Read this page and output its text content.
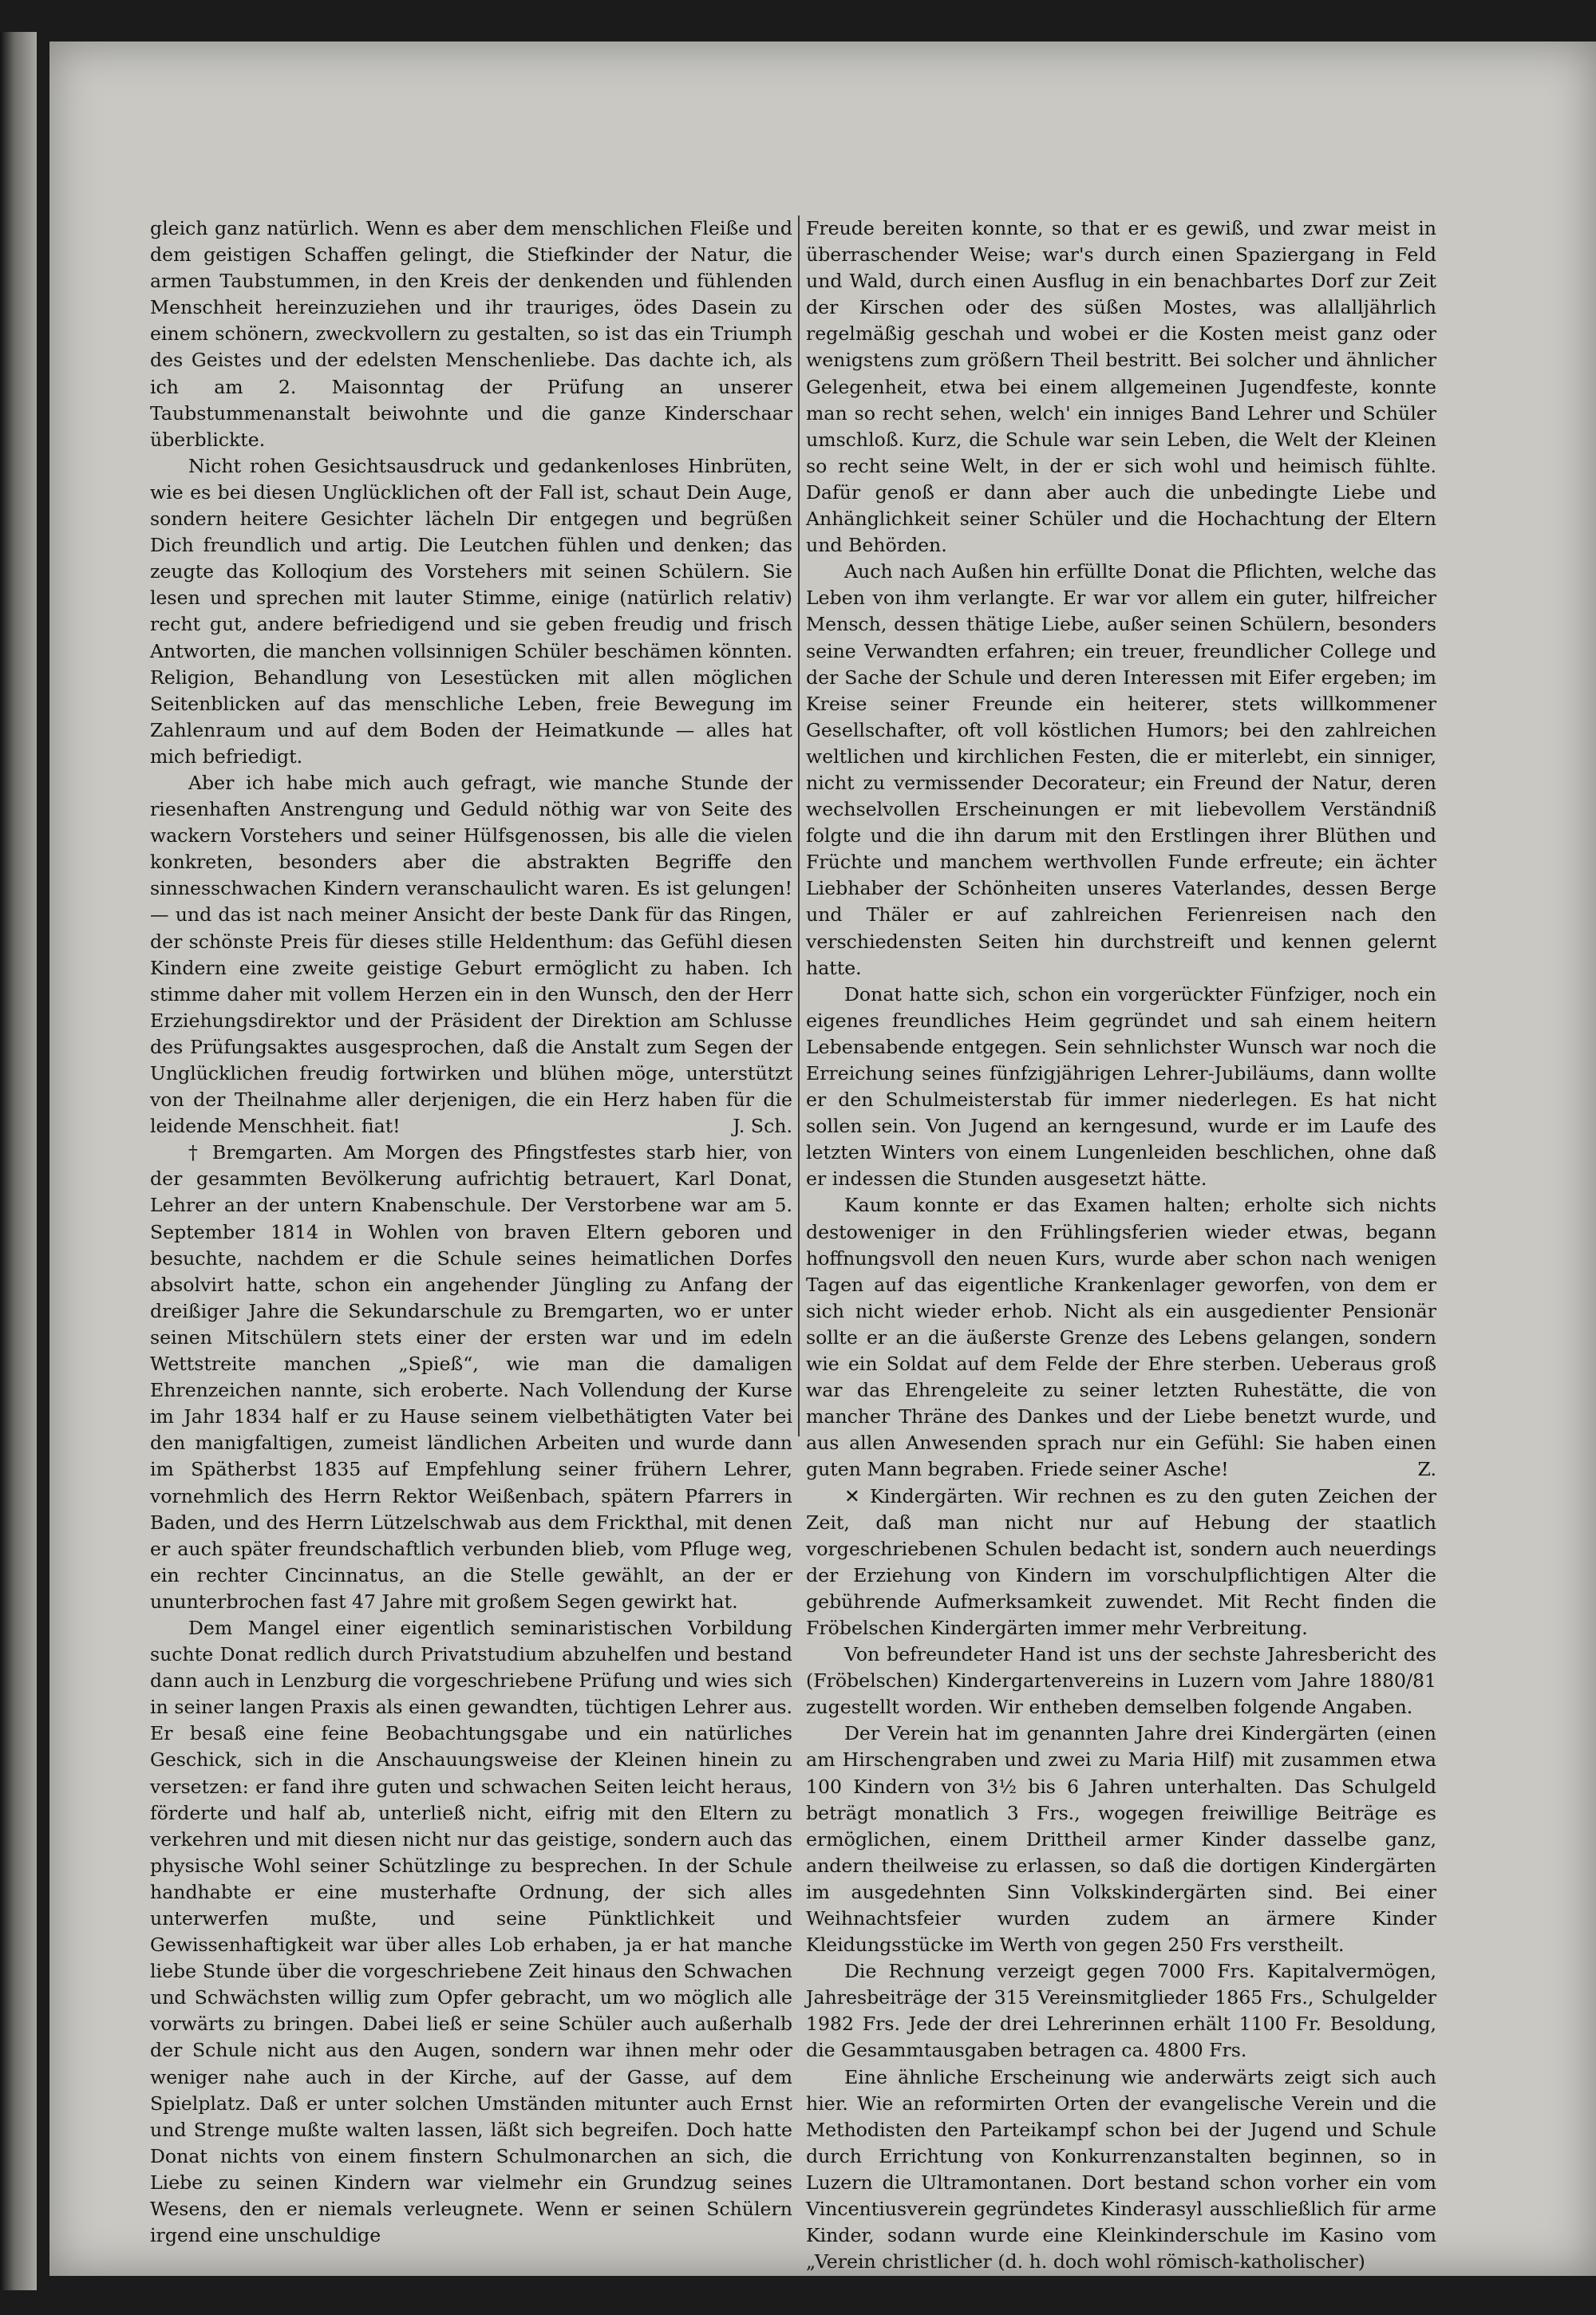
gleich ganz natürlich. Wenn es aber dem menschlichen Fleiße und dem geistigen Schaffen gelingt, die Stiefkinder der Natur, die armen Taubstummen, in den Kreis der denkenden und fühlenden Menschheit hereinzuziehen und ihr trauriges, ödes Dasein zu einem schönern, zweckvollern zu gestalten, so ist das ein Triumph des Geistes und der edelsten Menschenliebe. Das dachte ich, als ich am 2. Maisonntag der Prüfung an unserer Taubstummenanstalt beiwohnte und die ganze Kinderschaar überblickte.

Nicht rohen Gesichtsausdruck und gedankenloses Hinbrüten, wie es bei diesen Unglücklichen oft der Fall ist, schaut Dein Auge, sondern heitere Gesichter lächeln Dir entgegen und begrüßen Dich freundlich und artig. Die Leutchen fühlen und denken; das zeugte das Kolloqium des Vorstehers mit seinen Schülern. Sie lesen und sprechen mit lauter Stimme, einige (natürlich relativ) recht gut, andere befriedigend und sie geben freudig und frisch Antworten, die manchen vollsinnigen Schüler beschämen könnten. Religion, Behandlung von Lesestücken mit allen möglichen Seitenblicken auf das menschliche Leben, freie Bewegung im Zahlenraum und auf dem Boden der Heimatkunde — alles hat mich befriedigt.

Aber ich habe mich auch gefragt, wie manche Stunde der riesenhaften Anstrengung und Geduld nöthig war von Seite des wackern Vorstehers und seiner Hülfsgenossen, bis alle die vielen konkreten, besonders aber die abstrakten Begriffe den sinnesschwachen Kindern veranschaulicht waren. Es ist gelungen! — und das ist nach meiner Ansicht der beste Dank für das Ringen, der schönste Preis für dieses stille Heldenthum: das Gefühl diesen Kindern eine zweite geistige Geburt ermöglicht zu haben. Ich stimme daher mit vollem Herzen ein in den Wunsch, den der Herr Erziehungsdirektor und der Präsident der Direktion am Schlusse des Prüfungsaktes ausgesprochen, daß die Anstalt zum Segen der Unglücklichen freudig fortwirken und blühen möge, unterstützt von der Theilnahme aller derjenigen, die ein Herz haben für die leidende Menschheit. fiat!	J. Sch.

† Bremgarten. Am Morgen des Pfingstfestes starb hier, von der gesammten Bevölkerung aufrichtig betrauert, Karl Donat, Lehrer an der untern Knabenschule. Der Verstorbene war am 5. September 1814 in Wohlen von braven Eltern geboren und besuchte, nachdem er die Schule seines heimatlichen Dorfes absolvirt hatte, schon ein angehender Jüngling zu Anfang der dreißiger Jahre die Sekundarschule zu Bremgarten, wo er unter seinen Mitschülern stets einer der ersten war und im edeln Wettstreite manchen „Spieß“, wie man die damaligen Ehrenzeichen nannte, sich eroberte. Nach Vollendung der Kurse im Jahr 1834 half er zu Hause seinem vielbethätigten Vater bei den manigfaltigen, zumeist ländlichen Arbeiten und wurde dann im Spätherbst 1835 auf Empfehlung seiner frühern Lehrer, vornehmlich des Herrn Rektor Weißenbach, spätern Pfarrers in Baden, und des Herrn Lützelschwab aus dem Frickthal, mit denen er auch später freundschaftlich verbunden blieb, vom Pfluge weg, ein rechter Cincinnatus, an die Stelle gewählt, an der er ununterbrochen fast 47 Jahre mit großem Segen gewirkt hat.

Dem Mangel einer eigentlich seminaristischen Vorbildung suchte Donat redlich durch Privatstudium abzuhelfen und bestand dann auch in Lenzburg die vorgeschriebene Prüfung und wies sich in seiner langen Praxis als einen gewandten, tüchtigen Lehrer aus. Er besaß eine feine Beobachtungsgabe und ein natürliches Geschick, sich in die Anschauungsweise der Kleinen hinein zu versetzen: er fand ihre guten und schwachen Seiten leicht heraus, förderte und half ab, unterließ nicht, eifrig mit den Eltern zu verkehren und mit diesen nicht nur das geistige, sondern auch das physische Wohl seiner Schützlinge zu besprechen. In der Schule handhabte er eine musterhafte Ordnung, der sich alles unterwerfen mußte, und seine Pünktlichkeit und Gewissenhaftigkeit war über alles Lob erhaben, ja er hat manche liebe Stunde über die vorgeschriebene Zeit hinaus den Schwachen und Schwächsten willig zum Opfer gebracht, um wo möglich alle vorwärts zu bringen. Dabei ließ er seine Schüler auch außerhalb der Schule nicht aus den Augen, sondern war ihnen mehr oder weniger nahe auch in der Kirche, auf der Gasse, auf dem Spielplatz. Daß er unter solchen Umständen mitunter auch Ernst und Strenge mußte walten lassen, läßt sich begreifen. Doch hatte Donat nichts von einem finstern Schulmonarchen an sich, die Liebe zu seinen Kindern war vielmehr ein Grundzug seines Wesens, den er niemals verleugnete. Wenn er seinen Schülern irgend eine unschuldige

Freude bereiten konnte, so that er es gewiß, und zwar meist in überraschender Weise; war's durch einen Spaziergang in Feld und Wald, durch einen Ausflug in ein benachbartes Dorf zur Zeit der Kirschen oder des süßen Mostes, was allalljährlich regelmäßig geschah und wobei er die Kosten meist ganz oder wenigstens zum größern Theil bestritt. Bei solcher und ähnlicher Gelegenheit, etwa bei einem allgemeinen Jugendfeste, konnte man so recht sehen, welch' ein inniges Band Lehrer und Schüler umschloß. Kurz, die Schule war sein Leben, die Welt der Kleinen so recht seine Welt, in der er sich wohl und heimisch fühlte. Dafür genoß er dann aber auch die unbedingte Liebe und Anhänglichkeit seiner Schüler und die Hochachtung der Eltern und Behörden.

Auch nach Außen hin erfüllte Donat die Pflichten, welche das Leben von ihm verlangte. Er war vor allem ein guter, hilfreicher Mensch, dessen thätige Liebe, außer seinen Schülern, besonders seine Verwandten erfahren; ein treuer, freundlicher College und der Sache der Schule und deren Interessen mit Eifer ergeben; im Kreise seiner Freunde ein heiterer, stets willkommener Gesellschafter, oft voll köstlichen Humors; bei den zahlreichen weltlichen und kirchlichen Festen, die er miterlebt, ein sinniger, nicht zu vermissender Decorateur; ein Freund der Natur, deren wechselvollen Erscheinungen er mit liebevollem Verständniß folgte und die ihn darum mit den Erstlingen ihrer Blüthen und Früchte und manchem werthvollen Funde erfreute; ein ächter Liebhaber der Schönheiten unseres Vaterlandes, dessen Berge und Thäler er auf zahlreichen Ferienreisen nach den verschiedensten Seiten hin durchstreift und kennen gelernt hatte.

Donat hatte sich, schon ein vorgerückter Fünfziger, noch ein eigenes freundliches Heim gegründet und sah einem heitern Lebensabende entgegen. Sein sehnlichster Wunsch war noch die Erreichung seines fünfzigjährigen Lehrer-Jubiläums, dann wollte er den Schulmeisterstab für immer niederlegen. Es hat nicht sollen sein. Von Jugend an kerngesund, wurde er im Laufe des letzten Winters von einem Lungenleiden beschlichen, ohne daß er indessen die Stunden ausgesetzt hätte.

Kaum konnte er das Examen halten; erholte sich nichts destoweniger in den Frühlingsferien wieder etwas, begann hoffnungsvoll den neuen Kurs, wurde aber schon nach wenigen Tagen auf das eigentliche Krankenlager geworfen, von dem er sich nicht wieder erhob. Nicht als ein ausgedienter Pensionär sollte er an die äußerste Grenze des Lebens gelangen, sondern wie ein Soldat auf dem Felde der Ehre sterben. Ueberaus groß war das Ehrengeleite zu seiner letzten Ruhestätte, die von mancher Thräne des Dankes und der Liebe benetzt wurde, und aus allen Anwesenden sprach nur ein Gefühl: Sie haben einen guten Mann begraben. Friede seiner Asche!	Z.

✕ Kindergärten. Wir rechnen es zu den guten Zeichen der Zeit, daß man nicht nur auf Hebung der staatlich vorgeschriebenen Schulen bedacht ist, sondern auch neuerdings der Erziehung von Kindern im vorschulpflichtigen Alter die gebührende Aufmerksamkeit zuwendet. Mit Recht finden die Fröbelschen Kindergärten immer mehr Verbreitung.

Von befreundeter Hand ist uns der sechste Jahresbericht des (Fröbelschen) Kindergartenvereins in Luzern vom Jahre 1880/81 zugestellt worden. Wir entheben demselben folgende Angaben.

Der Verein hat im genannten Jahre drei Kindergärten (einen am Hirschengraben und zwei zu Maria Hilf) mit zusammen etwa 100 Kindern von 3½ bis 6 Jahren unterhalten. Das Schulgeld beträgt monatlich 3 Frs., wogegen freiwillige Beiträge es ermöglichen, einem Drittheil armer Kinder dasselbe ganz, andern theilweise zu erlassen, so daß die dortigen Kindergärten im ausgedehnten Sinn Volkskindergärten sind. Bei einer Weihnachtsfeier wurden zudem an ärmere Kinder Kleidungsstücke im Werth von gegen 250 Frs verstheilt.

Die Rechnung verzeigt gegen 7000 Frs. Kapitalvermögen, Jahresbeiträge der 315 Vereinsmitglieder 1865 Frs., Schulgelder 1982 Frs. Jede der drei Lehrerinnen erhält 1100 Fr. Besoldung, die Gesammtausgaben betragen ca. 4800 Frs.

Eine ähnliche Erscheinung wie anderwärts zeigt sich auch hier. Wie an reformirten Orten der evangelische Verein und die Methodisten den Parteikampf schon bei der Jugend und Schule durch Errichtung von Konkurrenzanstalten beginnen, so in Luzern die Ultramontanen. Dort bestand schon vorher ein vom Vincentiusverein gegründetes Kinderasyl ausschließlich für arme Kinder, sodann wurde eine Kleinkinderschule im Kasino vom „Verein christlicher (d. h. doch wohl römisch-katholischer)
